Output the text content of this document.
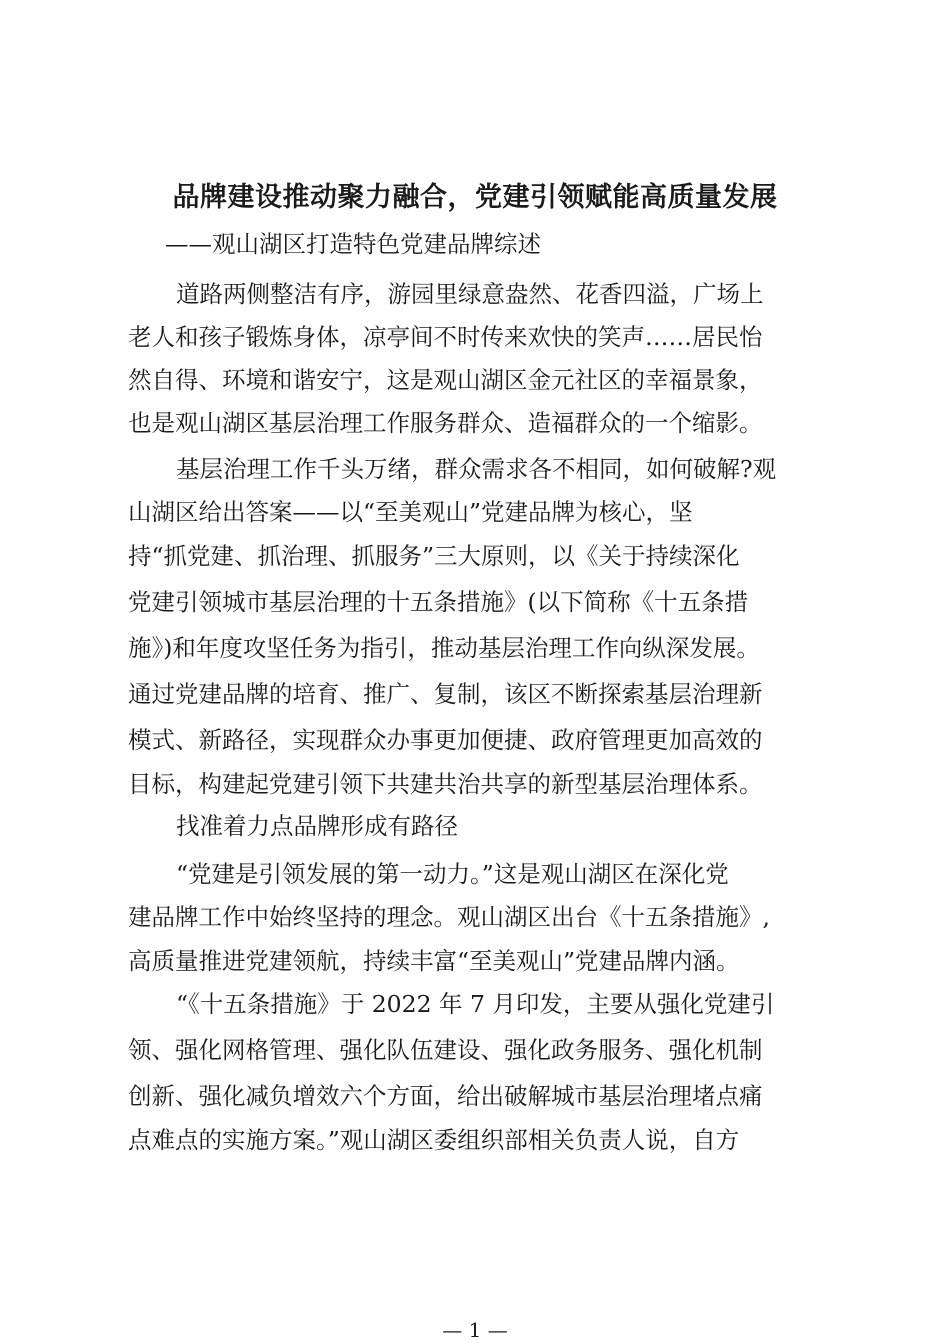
品牌建设推动聚力融合，党建引领赋能高质量发展
——观山湖区打造特色党建品牌综述
道路两侧整洁有序，游园里绿意盎然、花香四溢，广场上
老人和孩子锻炼身体，凉亭间不时传来欢快的笑声……居民怡
然自得、环境和谐安宁，这是观山湖区金元社区的幸福景象，
也是观山湖区基层治理工作服务群众、造福群众的一个缩影。
基层治理工作千头万绪，群众需求各不相同，如何破解?观
山湖区给出答案——以“至美观山”党建品牌为核心，坚
持“抓党建、抓治理、抓服务”三大原则，以《关于持续深化
党建引领城市基层治理的十五条措施》(以下简称《十五条措
施》)和年度攻坚任务为指引，推动基层治理工作向纵深发展。
通过党建品牌的培育、推广、复制，该区不断探索基层治理新
模式、新路径，实现群众办事更加便捷、政府管理更加高效的
目标，构建起党建引领下共建共治共享的新型基层治理体系。
找准着力点品牌形成有路径
“党建是引领发展的第一动力。”这是观山湖区在深化党
建品牌工作中始终坚持的理念。观山湖区出台《十五条措施》,
高质量推进党建领航，持续丰富“至美观山”党建品牌内涵。
“《十五条措施》于 2022 年 7 月印发，主要从强化党建引
领、强化网格管理、强化队伍建设、强化政务服务、强化机制
创新、强化减负增效六个方面，给出破解城市基层治理堵点痛
点难点的实施方案。”观山湖区委组织部相关负责人说，自方
— 1 —
